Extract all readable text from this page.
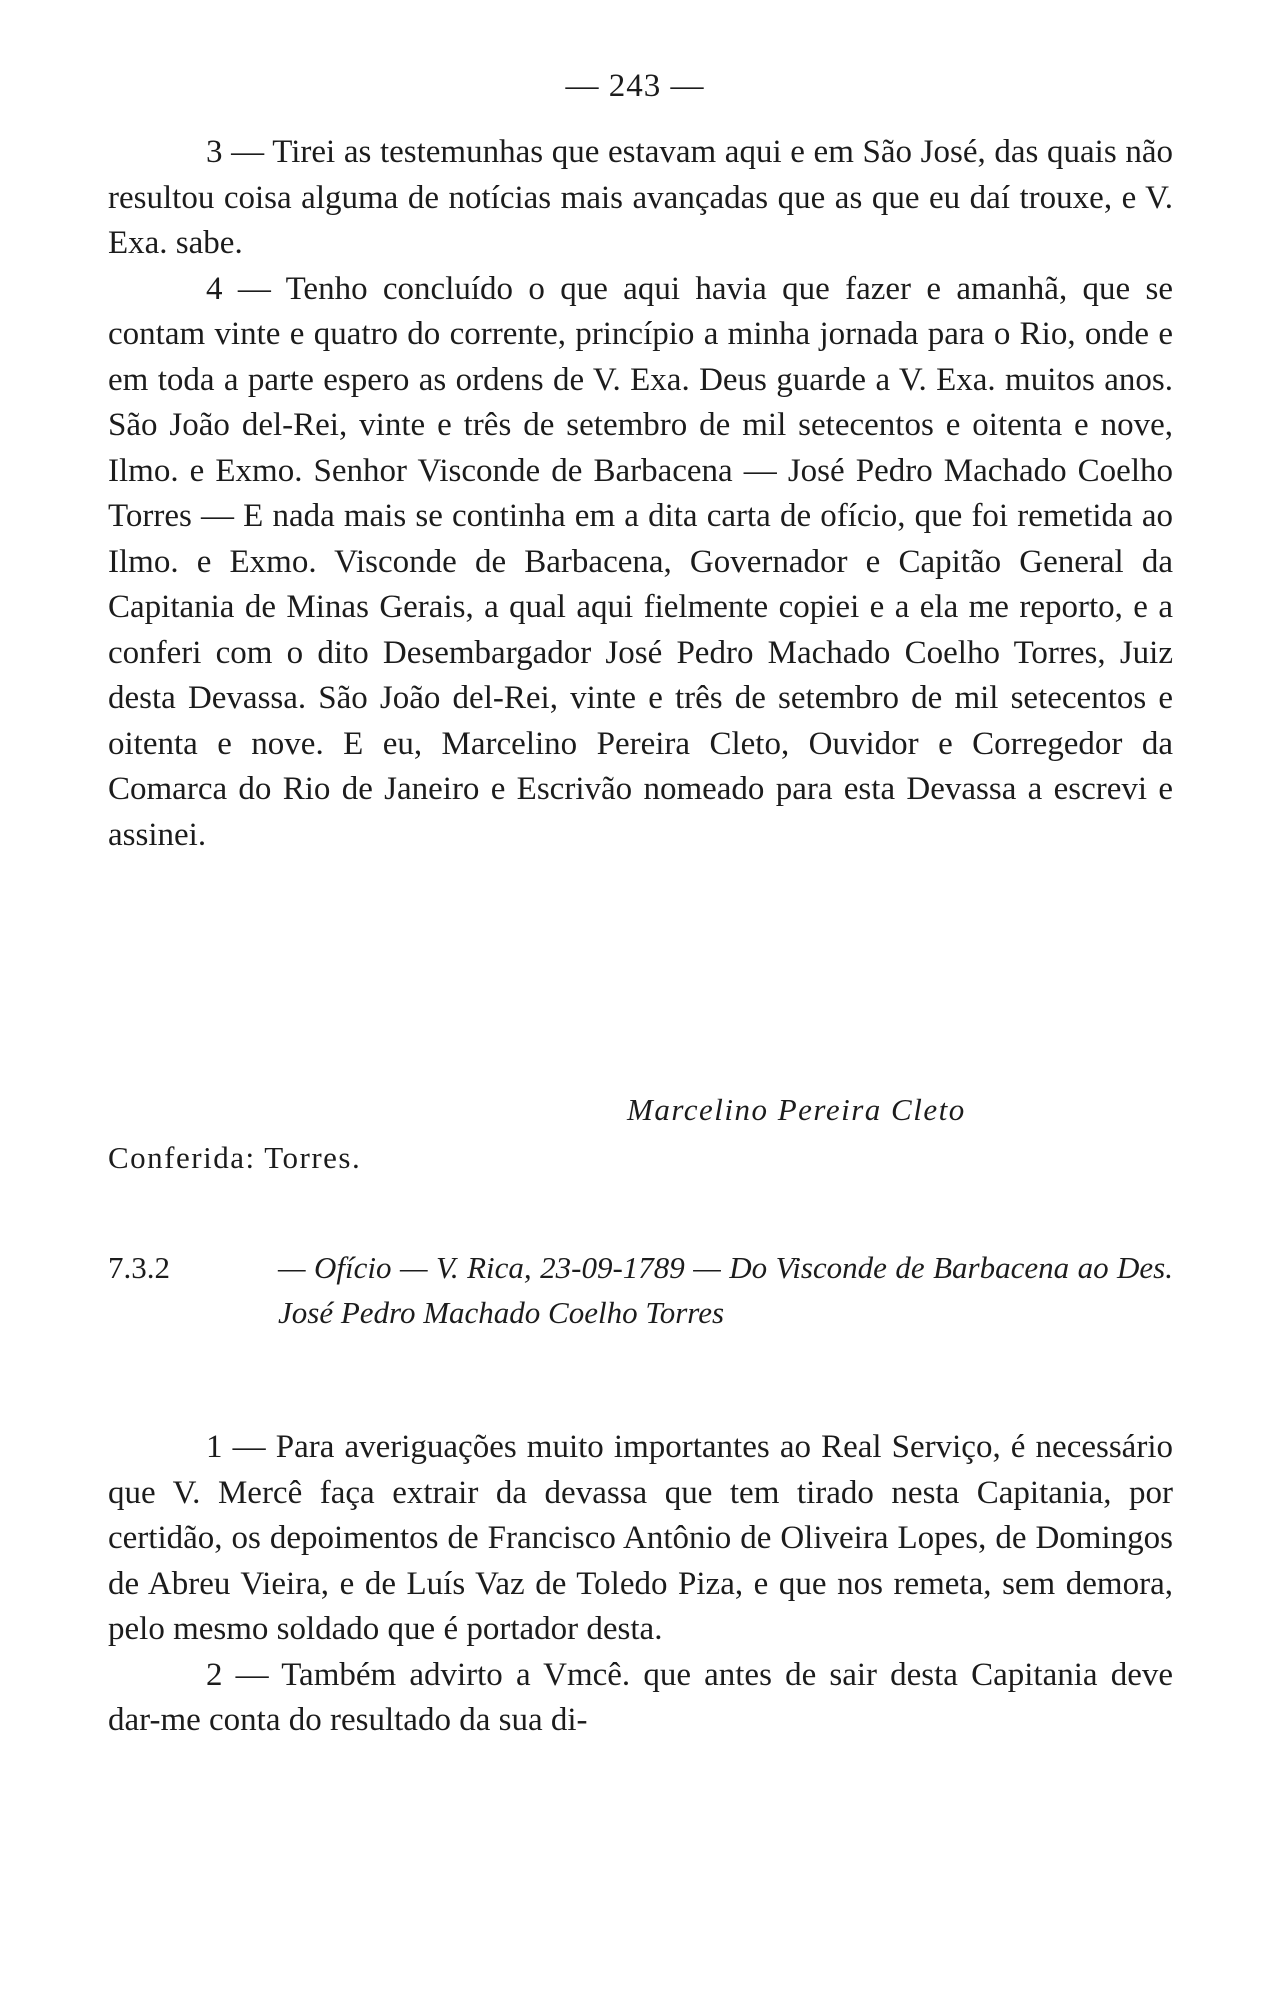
— 243 —

3 — Tirei as testemunhas que estavam aqui e em São José, das quais não resultou coisa alguma de notícias mais avançadas que as que eu daí trouxe, e V. Exa. sabe.

4 — Tenho concluído o que aqui havia que fazer e amanhã, que se contam vinte e quatro do corrente, princípio a minha jornada para o Rio, onde e em toda a parte espero as ordens de V. Exa. Deus guarde a V. Exa. muitos anos. São João del-Rei, vinte e três de setembro de mil setecentos e oitenta e nove, Ilmo. e Exmo. Senhor Visconde de Barbacena — José Pedro Machado Coelho Torres — E nada mais se continha em a dita carta de ofício, que foi remetida ao Ilmo. e Exmo. Visconde de Barbacena, Governador e Capitão General da Capitania de Minas Gerais, a qual aqui fielmente copiei e a ela me reporto, e a conferi com o dito Desembargador José Pedro Machado Coelho Torres, Juiz desta Devassa. São João del-Rei, vinte e três de setembro de mil setecentos e oitenta e nove. E eu, Marcelino Pereira Cleto, Ouvidor e Corregedor da Comarca do Rio de Janeiro e Escrivão nomeado para esta Devassa a escrevi e assinei.

Marcelino Pereira Cleto
Conferida: Torres.
7.3.2	— Ofício — V. Rica, 23-09-1789 — Do Visconde de Barbacena ao Des. José Pedro Machado Coelho Torres

1 — Para averiguações muito importantes ao Real Serviço, é necessário que V. Mercê faça extrair da devassa que tem tirado nesta Capitania, por certidão, os depoimentos de Francisco Antônio de Oliveira Lopes, de Domingos de Abreu Vieira, e de Luís Vaz de Toledo Piza, e que nos remeta, sem demora, pelo mesmo soldado que é portador desta.

2 — Também advirto a Vmcê. que antes de sair desta Capitania deve dar-me conta do resultado da sua di-
